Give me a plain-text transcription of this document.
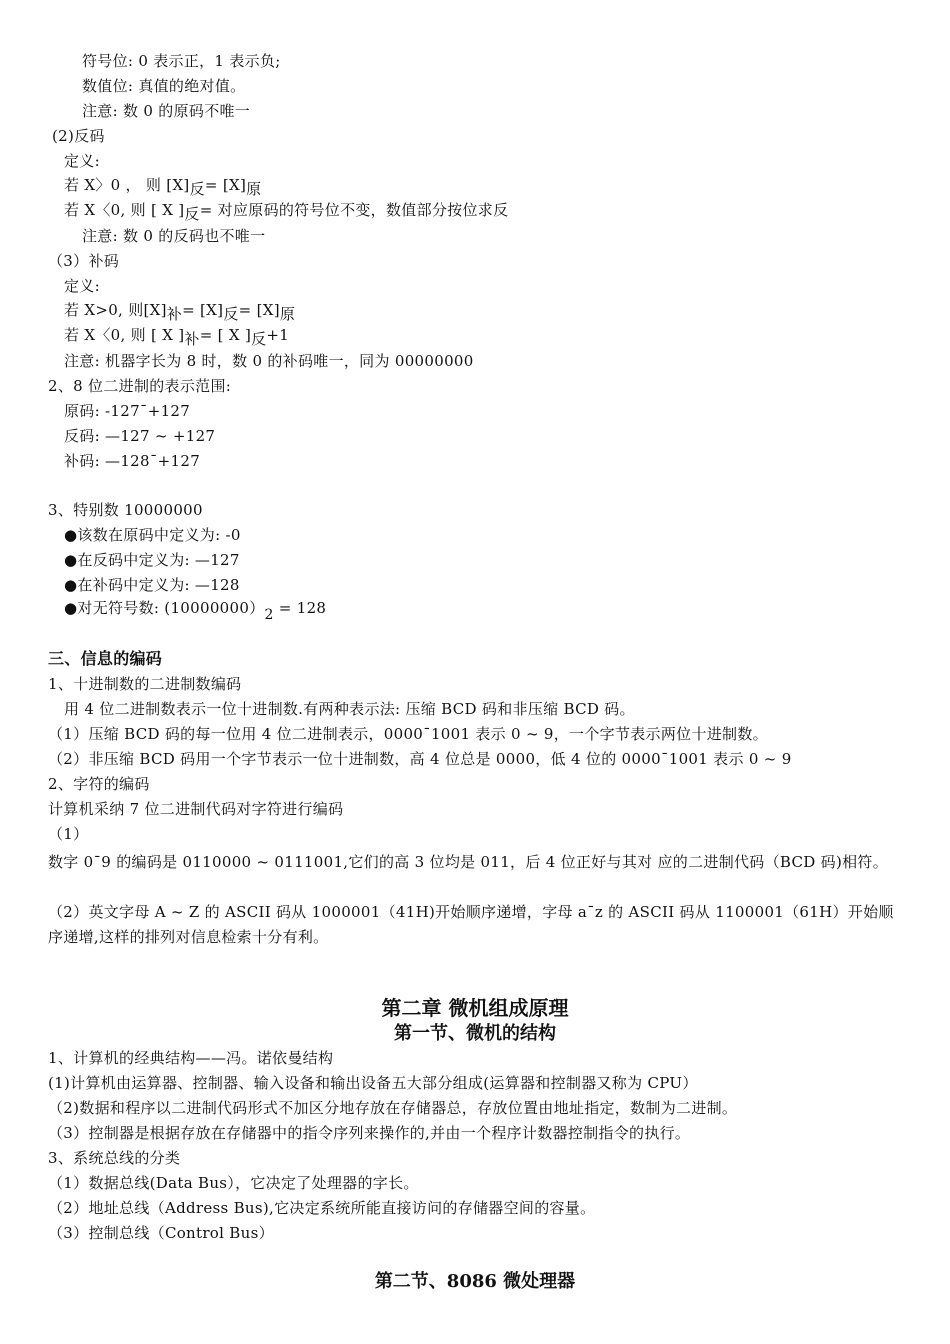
符号位: 0 表示正，1 表示负;
数值位: 真值的绝对值。
注意: 数 0 的原码不唯一
(2)反码
定义:
若 X〉0 ， 则 [X]反= [X]原
若 X〈0, 则 [ X ]反= 对应原码的符号位不变，数值部分按位求反
注意: 数 0 的反码也不唯一
（3）补码
定义:
若 X>0, 则[X]补= [X]反= [X]原
若 X〈0, 则 [ X ]补= [ X ]反+1
注意: 机器字长为 8 时，数 0 的补码唯一，同为 00000000
2、8 位二进制的表示范围:
原码: -127¯+127
反码: —127 ~ +127
补码: —128¯+127
3、特别数 10000000
●该数在原码中定义为: -0
●在反码中定义为: —127
●在补码中定义为: —128
●对无符号数: (10000000）2 = 128
三、信息的编码
1、十进制数的二进制数编码
用 4 位二进制数表示一位十进制数.有两种表示法: 压缩 BCD 码和非压缩 BCD 码。
（1）压缩 BCD 码的每一位用 4 位二进制表示，0000¯1001 表示 0 ~ 9，一个字节表示两位十进制数。
（2）非压缩 BCD 码用一个字节表示一位十进制数，高 4 位总是 0000，低 4 位的 0000¯1001 表示 0 ~ 9
2、字符的编码
计算机采纳 7 位二进制代码对字符进行编码
（1）
数字 0¯9 的编码是 0110000 ~ 0111001,它们的高 3 位均是 011，后 4 位正好与其对 应的二进制代码（BCD 码)相符。
（2）英文字母 A ~ Z 的 ASCII 码从 1000001（41H)开始顺序递增，字母 a¯z 的 ASCII 码从 1100001（61H）开始顺序递增,这样的排列对信息检索十分有利。
第二章 微机组成原理
第一节、微机的结构
1、计算机的经典结构——冯。诺依曼结构
(1)计算机由运算器、控制器、输入设备和输出设备五大部分组成(运算器和控制器又称为 CPU）
（2)数据和程序以二进制代码形式不加区分地存放在存储器总，存放位置由地址指定，数制为二进制。
（3）控制器是根据存放在存储器中的指令序列来操作的,并由一个程序计数器控制指令的执行。
3、系统总线的分类
（1）数据总线(Data Bus），它决定了处理器的字长。
（2）地址总线（Address Bus),它决定系统所能直接访问的存储器空间的容量。
（3）控制总线（Control Bus）
第二节、8086 微处理器
